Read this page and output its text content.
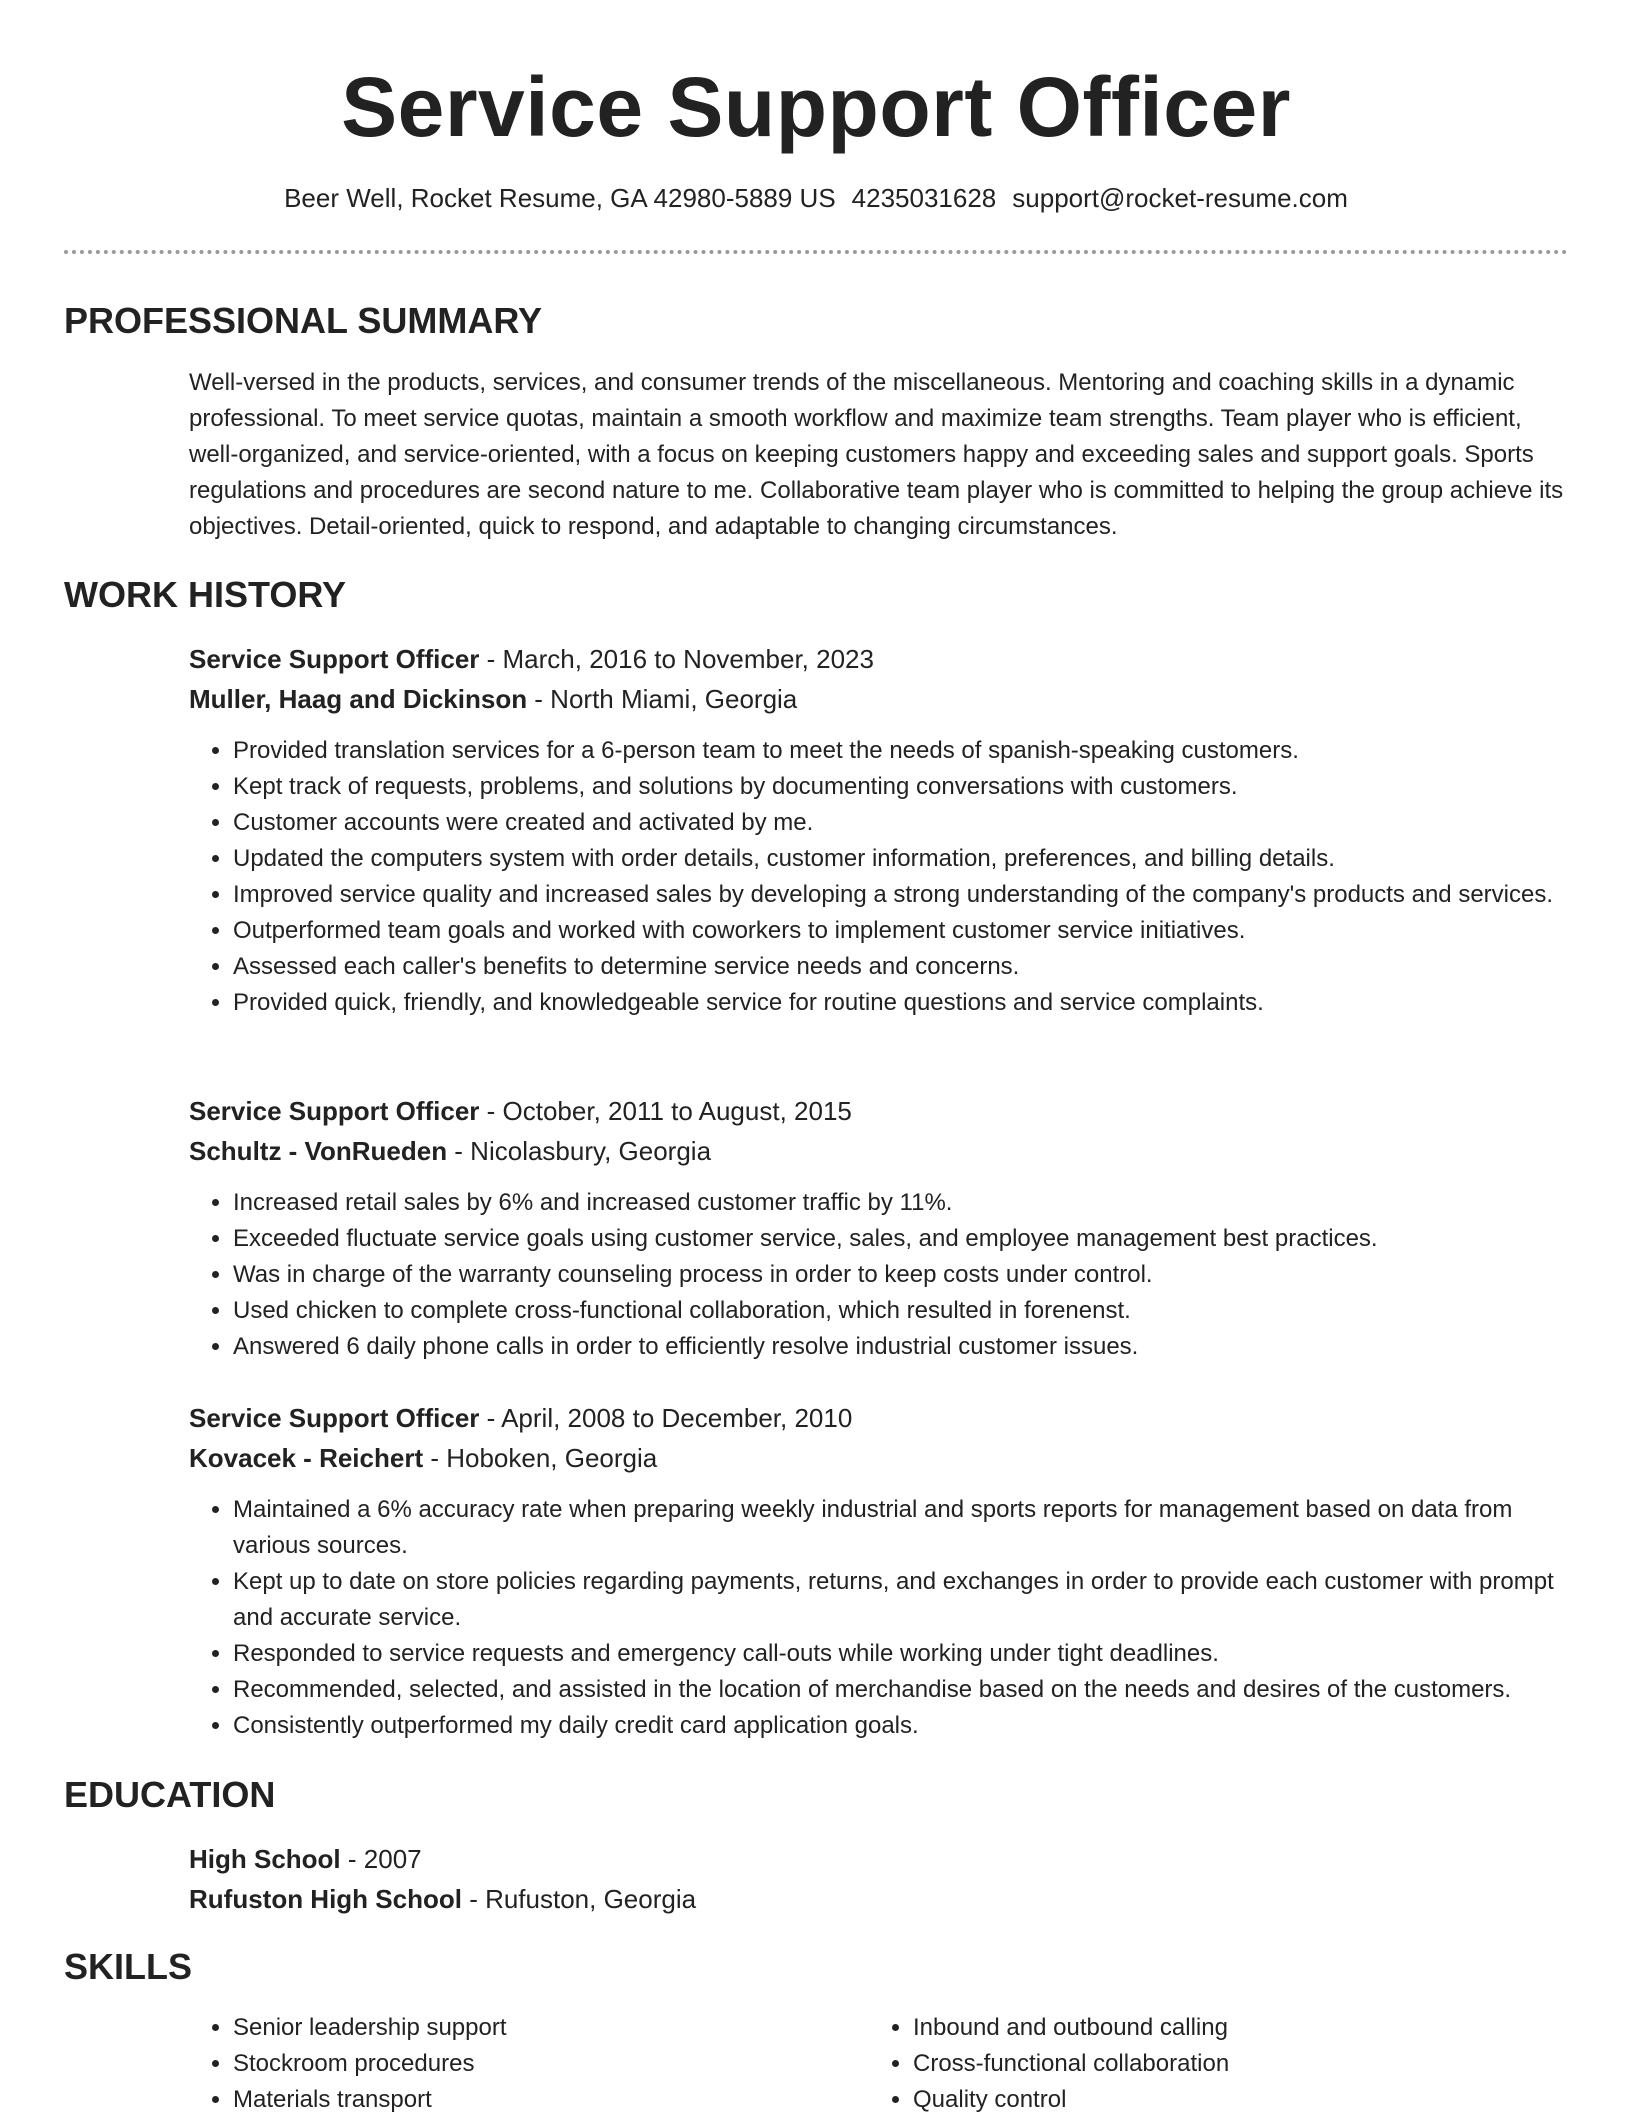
Service Support Officer
Beer Well, Rocket Resume, GA 42980-5889 US 4235031628 support@rocket-resume.com
PROFESSIONAL SUMMARY

Well-versed in the products, services, and consumer trends of the miscellaneous. Mentoring and coaching skills in a dynamic professional. To meet service quotas, maintain a smooth workflow and maximize team strengths. Team player who is efficient, well-organized, and service-oriented, with a focus on keeping customers happy and exceeding sales and support goals. Sports regulations and procedures are second nature to me. Collaborative team player who is committed to helping the group achieve its objectives. Detail-oriented, quick to respond, and adaptable to changing circumstances.

WORK HISTORY

Service Support Officer - March, 2016 to November, 2023

Muller, Haag and Dickinson - North Miami, Georgia

• Provided translation services for a 6-person team to meet the needs of spanish-speaking customers.
• Kept track of requests, problems, and solutions by documenting conversations with customers.
• Customer accounts were created and activated by me.
• Updated the computers system with order details, customer information, preferences, and billing details.
• Improved service quality and increased sales by developing a strong understanding of the company's products and services.
• Outperformed team goals and worked with coworkers to implement customer service initiatives.
• Assessed each caller's benefits to determine service needs and concerns.
• Provided quick, friendly, and knowledgeable service for routine questions and service complaints.

Service Support Officer - October, 2011 to August, 2015

Schultz - VonRueden - Nicolasbury, Georgia

• Increased retail sales by 6% and increased customer traffic by 11%.
• Exceeded fluctuate service goals using customer service, sales, and employee management best practices.
• Was in charge of the warranty counseling process in order to keep costs under control.
• Used chicken to complete cross-functional collaboration, which resulted in forenenst.
• Answered 6 daily phone calls in order to efficiently resolve industrial customer issues.

Service Support Officer - April, 2008 to December, 2010

Kovacek - Reichert - Hoboken, Georgia

• Maintained a 6% accuracy rate when preparing weekly industrial and sports reports for management based on data from various sources.
• Kept up to date on store policies regarding payments, returns, and exchanges in order to provide each customer with prompt and accurate service.
• Responded to service requests and emergency call-outs while working under tight deadlines.
• Recommended, selected, and assisted in the location of merchandise based on the needs and desires of the customers.
• Consistently outperformed my daily credit card application goals.
EDUCATION

High School - 2007

Rufuston High School - Rufuston, Georgia

SKILLS
• Senior leadership support
• Stockroom procedures
• Materials transport
• Inbound and outbound calling
• Cross-functional collaboration
• Quality control
